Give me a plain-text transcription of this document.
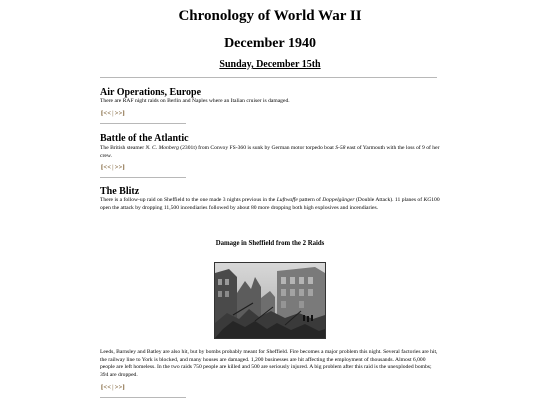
Chronology of World War II
December 1940
Sunday, December 15th
Air Operations, Europe
There are RAF night raids on Berlin and Naples where an Italian cruiser is damaged.
[<<|>>]
Battle of the Atlantic
The British steamer N. C. Monberg (2301t) from Convoy FS-360 is sunk by German motor torpedo boat S-58 east of Yarmouth with the loss of 9 of her crew.
[<<|>>]
The Blitz
There is a follow-up raid on Sheffield to the one made 3 nights previous in the Luftwaffe pattern of Doppelgänger (Double Attack). 11 planes of KG100 open the attack by dropping 11,500 incendiaries followed by about 80 more dropping both high explosives and incendiaries.
Damage in Sheffield from the 2 Raids
Leeds, Barnsley and Batley are also hit, but by bombs probably meant for Sheffield. Fire becomes a major problem this night. Several factories are hit, the railway line to York is blocked, and many houses are damaged. 1,200 businesses are hit affecting the employment of thousands. Almost 6,000 people are left homeless. In the two raids 750 people are killed and 500 are seriously injured. A big problem after this raid is the unexploded bombs; 394 are dropped.
[<<|>>]
